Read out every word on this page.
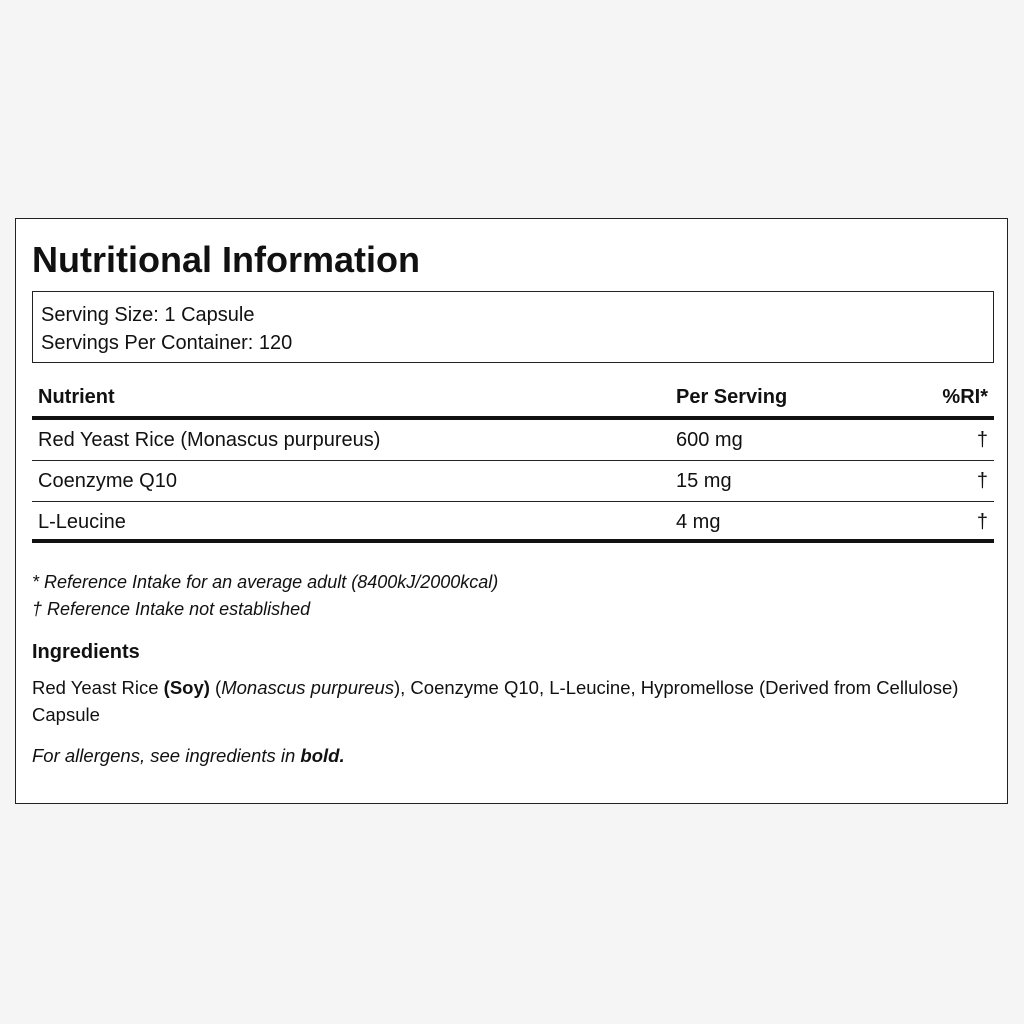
Nutritional Information
Serving Size: 1 Capsule
Servings Per Container: 120
Nutrient	Per Serving	%RI*
Red Yeast Rice (Monascus purpureus)	600 mg	†
Coenzyme Q10	15 mg	†
L-Leucine	4 mg	†
* Reference Intake for an average adult (8400kJ/2000kcal)
† Reference Intake not established
Ingredients
Red Yeast Rice (Soy) (Monascus purpureus), Coenzyme Q10, L-Leucine, Hypromellose (Derived from Cellulose) Capsule
For allergens, see ingredients in bold.
